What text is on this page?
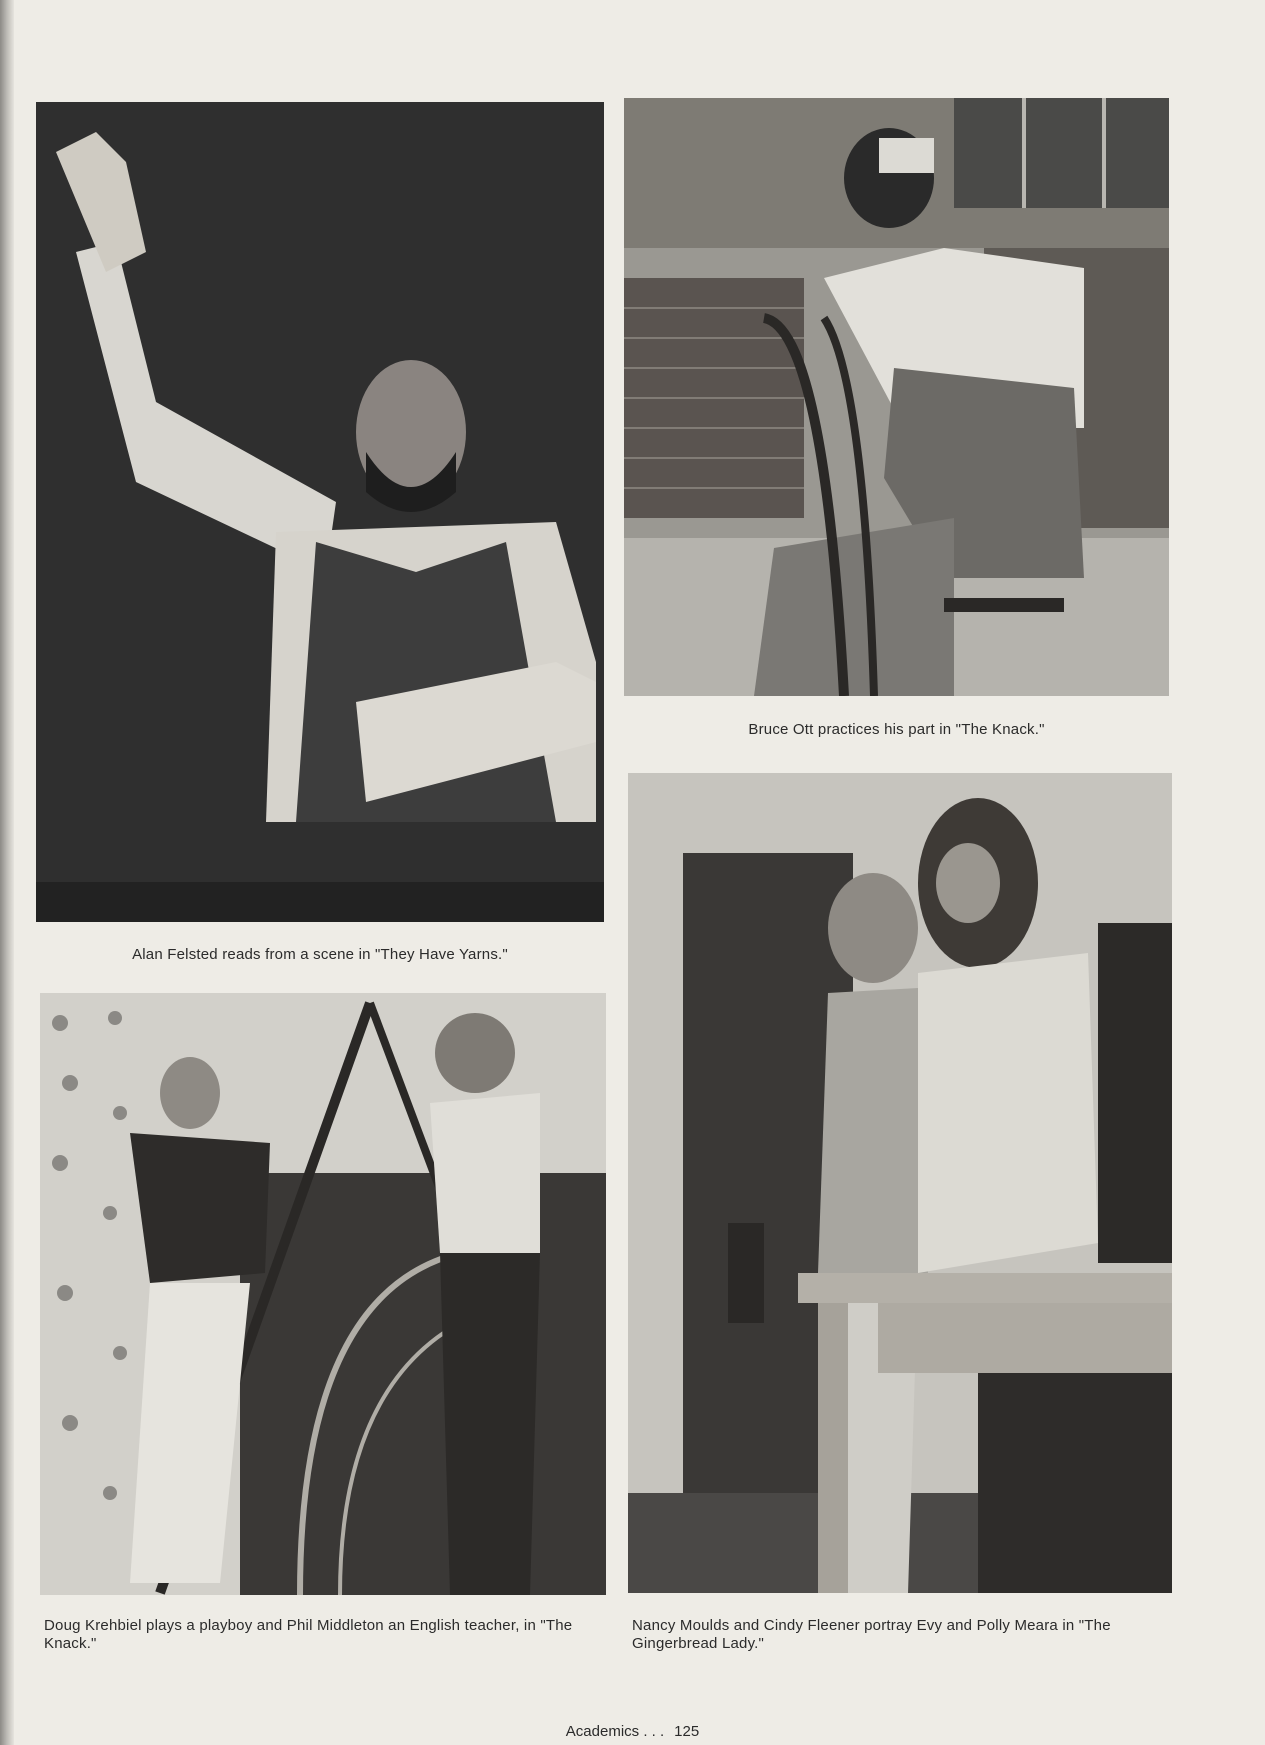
Alan Felsted reads from a scene in "They Have Yarns."
Bruce Ott practices his part in "The Knack."
Doug Krehbiel plays a playboy and Phil Middleton an English teacher, in "The Knack."
Nancy Moulds and Cindy Fleener portray Evy and Polly Meara in "The Gingerbread Lady."
Academics . . . 125
